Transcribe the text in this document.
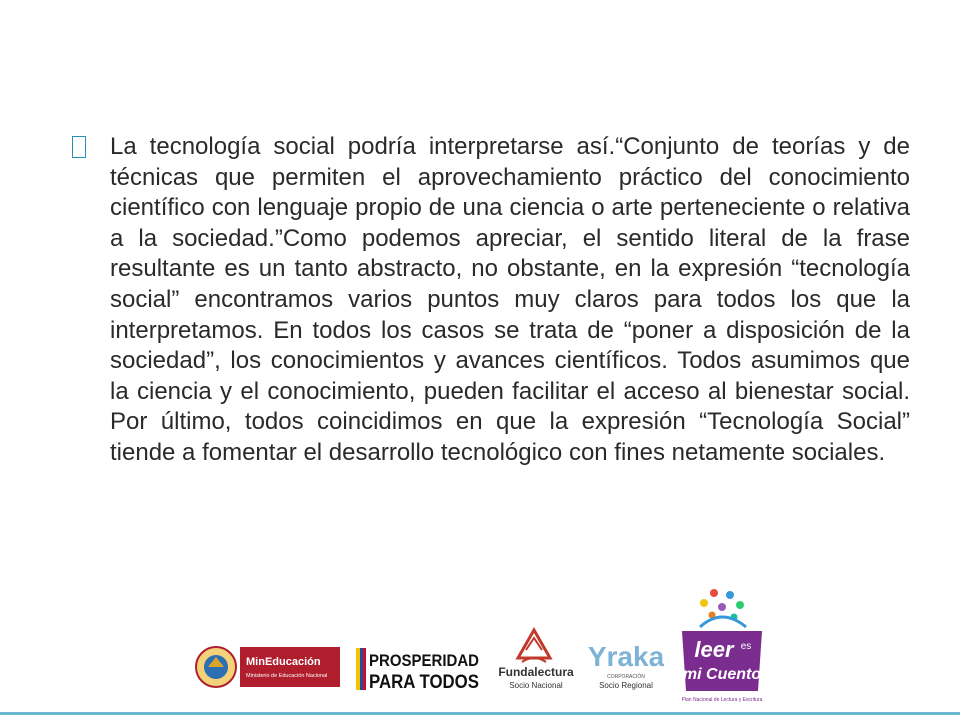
La tecnología social podría interpretarse así.“Conjunto de teorías y de técnicas que permiten el aprovechamiento práctico del conocimiento científico con lenguaje propio de una ciencia o arte perteneciente o relativa a la sociedad.”Como podemos apreciar, el sentido literal de la frase resultante es un tanto abstracto, no obstante, en la expresión “tecnología social” encontramos varios puntos muy claros para todos los que la interpretamos. En todos los casos se trata de “poner a disposición de la sociedad”, los conocimientos y avances científicos. Todos asumimos que la ciencia y el conocimiento, pueden facilitar el acceso al bienestar social. Por último, todos coincidimos en que la expresión “Tecnología Social” tiende a fomentar el desarrollo tecnológico con fines netamente sociales.

MinEducación
Ministerio de Educación Nacional
PROSPERIDAD
PARA TODOS Fundalectura
Socio Nacional
Yraka
CORPORACIÓN
Socio Regional
leer es
mi Cuento
Plan Nacional de Lectura y Escritura
